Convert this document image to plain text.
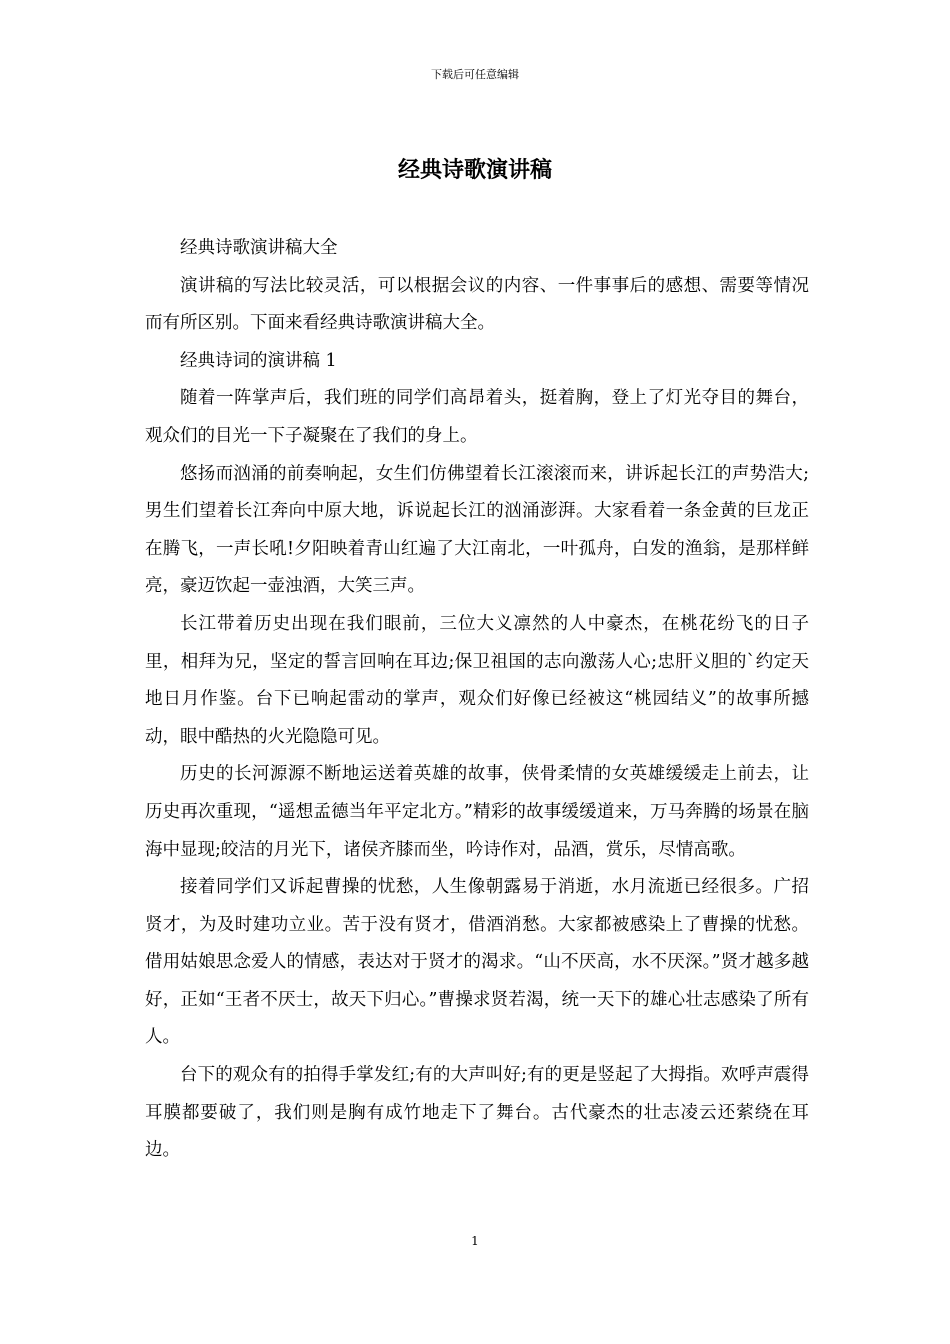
下载后可任意编辑
经典诗歌演讲稿

经典诗歌演讲稿大全

演讲稿的写法比较灵活，可以根据会议的内容、一件事事后的感想、需要等情况而有所区别。下面来看经典诗歌演讲稿大全。

经典诗词的演讲稿 1

随着一阵掌声后，我们班的同学们高昂着头，挺着胸，登上了灯光夺目的舞台，观众们的目光一下子凝聚在了我们的身上。

悠扬而汹涌的前奏响起，女生们仿佛望着长江滚滚而来，讲诉起长江的声势浩大;男生们望着长江奔向中原大地，诉说起长江的汹涌澎湃。大家看着一条金黄的巨龙正在腾飞，一声长吼!夕阳映着青山红遍了大江南北，一叶孤舟，白发的渔翁，是那样鲜亮，豪迈饮起一壶浊酒，大笑三声。

长江带着历史出现在我们眼前，三位大义凛然的人中豪杰，在桃花纷飞的日子里，相拜为兄，坚定的誓言回响在耳边;保卫祖国的志向激荡人心;忠肝义胆的`约定天地日月作鉴。台下已响起雷动的掌声，观众们好像已经被这“桃园结义”的故事所撼动，眼中酷热的火光隐隐可见。

历史的长河源源不断地运送着英雄的故事，侠骨柔情的女英雄缓缓走上前去，让历史再次重现，“遥想孟德当年平定北方。”精彩的故事缓缓道来，万马奔腾的场景在脑海中显现;皎洁的月光下，诸侯齐膝而坐，吟诗作对，品酒，赏乐，尽情高歌。

接着同学们又诉起曹操的忧愁，人生像朝露易于消逝，水月流逝已经很多。广招贤才，为及时建功立业。苦于没有贤才，借酒消愁。大家都被感染上了曹操的忧愁。借用姑娘思念爱人的情感，表达对于贤才的渴求。“山不厌高，水不厌深。”贤才越多越好，正如“王者不厌士，故天下归心。”曹操求贤若渴，统一天下的雄心壮志感染了所有人。

台下的观众有的拍得手掌发红;有的大声叫好;有的更是竖起了大拇指。欢呼声震得耳膜都要破了，我们则是胸有成竹地走下了舞台。古代豪杰的壮志凌云还萦绕在耳边。

1
